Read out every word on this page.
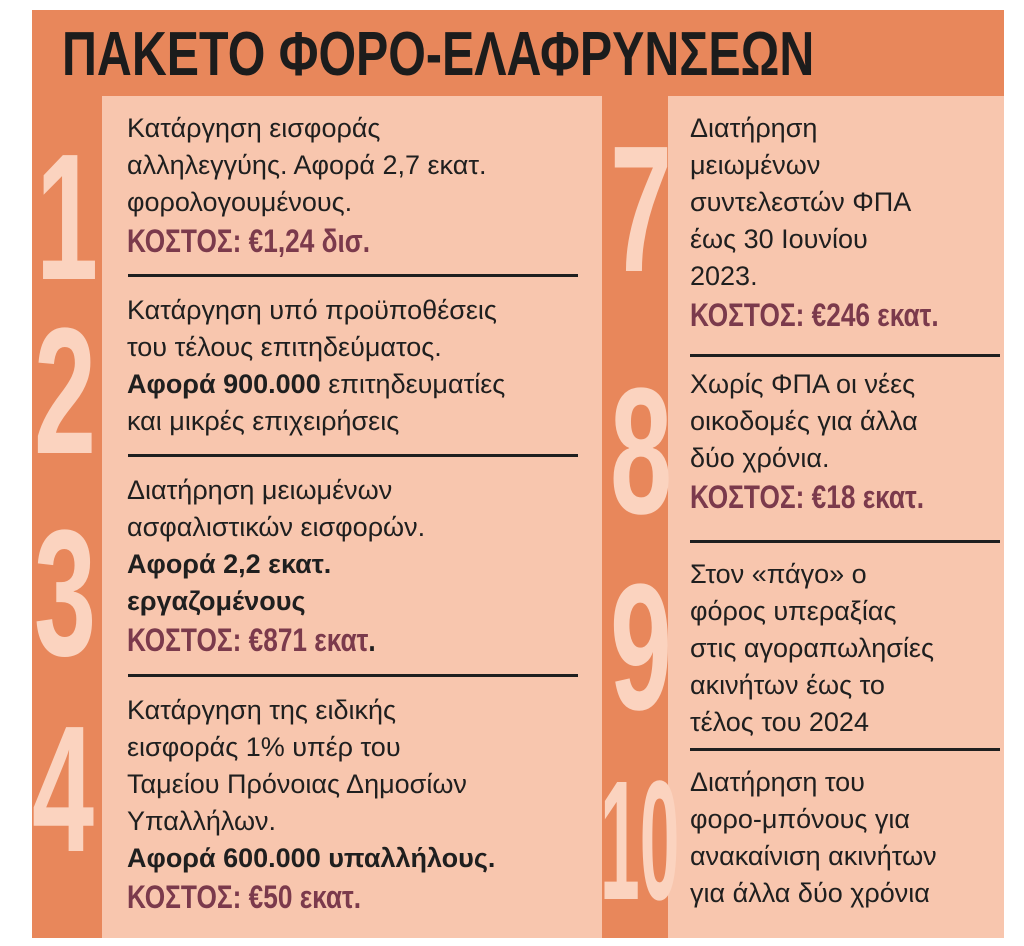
ΠΑΚΕΤΟ ΦΟΡΟ-ΕΛΑΦΡΥΝΣΕΩΝ
1
2
3
4
7
8
9
10
Κατάργηση εισφοράς
αλληλεγγύης. Αφορά 2,7 εκατ.
φορολογουμένους.
ΚΟΣΤΟΣ: €1,24 δισ.
Κατάργηση υπό προϋποθέσεις
του τέλους επιτηδεύματος.
Αφορά 900.000 επιτηδευματίες
και μικρές επιχειρήσεις
Διατήρηση μειωμένων
ασφαλιστικών εισφορών.
Αφορά 2,2 εκατ.
εργαζομένους
ΚΟΣΤΟΣ: €871 εκατ.
Κατάργηση της ειδικής
εισφοράς 1% υπέρ του
Ταμείου Πρόνοιας Δημοσίων
Υπαλλήλων.
Αφορά 600.000 υπαλλήλους.
ΚΟΣΤΟΣ: €50 εκατ.
Διατήρηση
μειωμένων
συντελεστών ΦΠΑ
έως 30 Ιουνίου
2023.
ΚΟΣΤΟΣ: €246 εκατ.
Χωρίς ΦΠΑ οι νέες
οικοδομές για άλλα
δύο χρόνια.
ΚΟΣΤΟΣ: €18 εκατ.
Στον «πάγο» ο
φόρος υπεραξίας
στις αγοραπωλησίες
ακινήτων έως το
τέλος του 2024
Διατήρηση του
φορο-μπόνους για
ανακαίνιση ακινήτων
για άλλα δύο χρόνια
